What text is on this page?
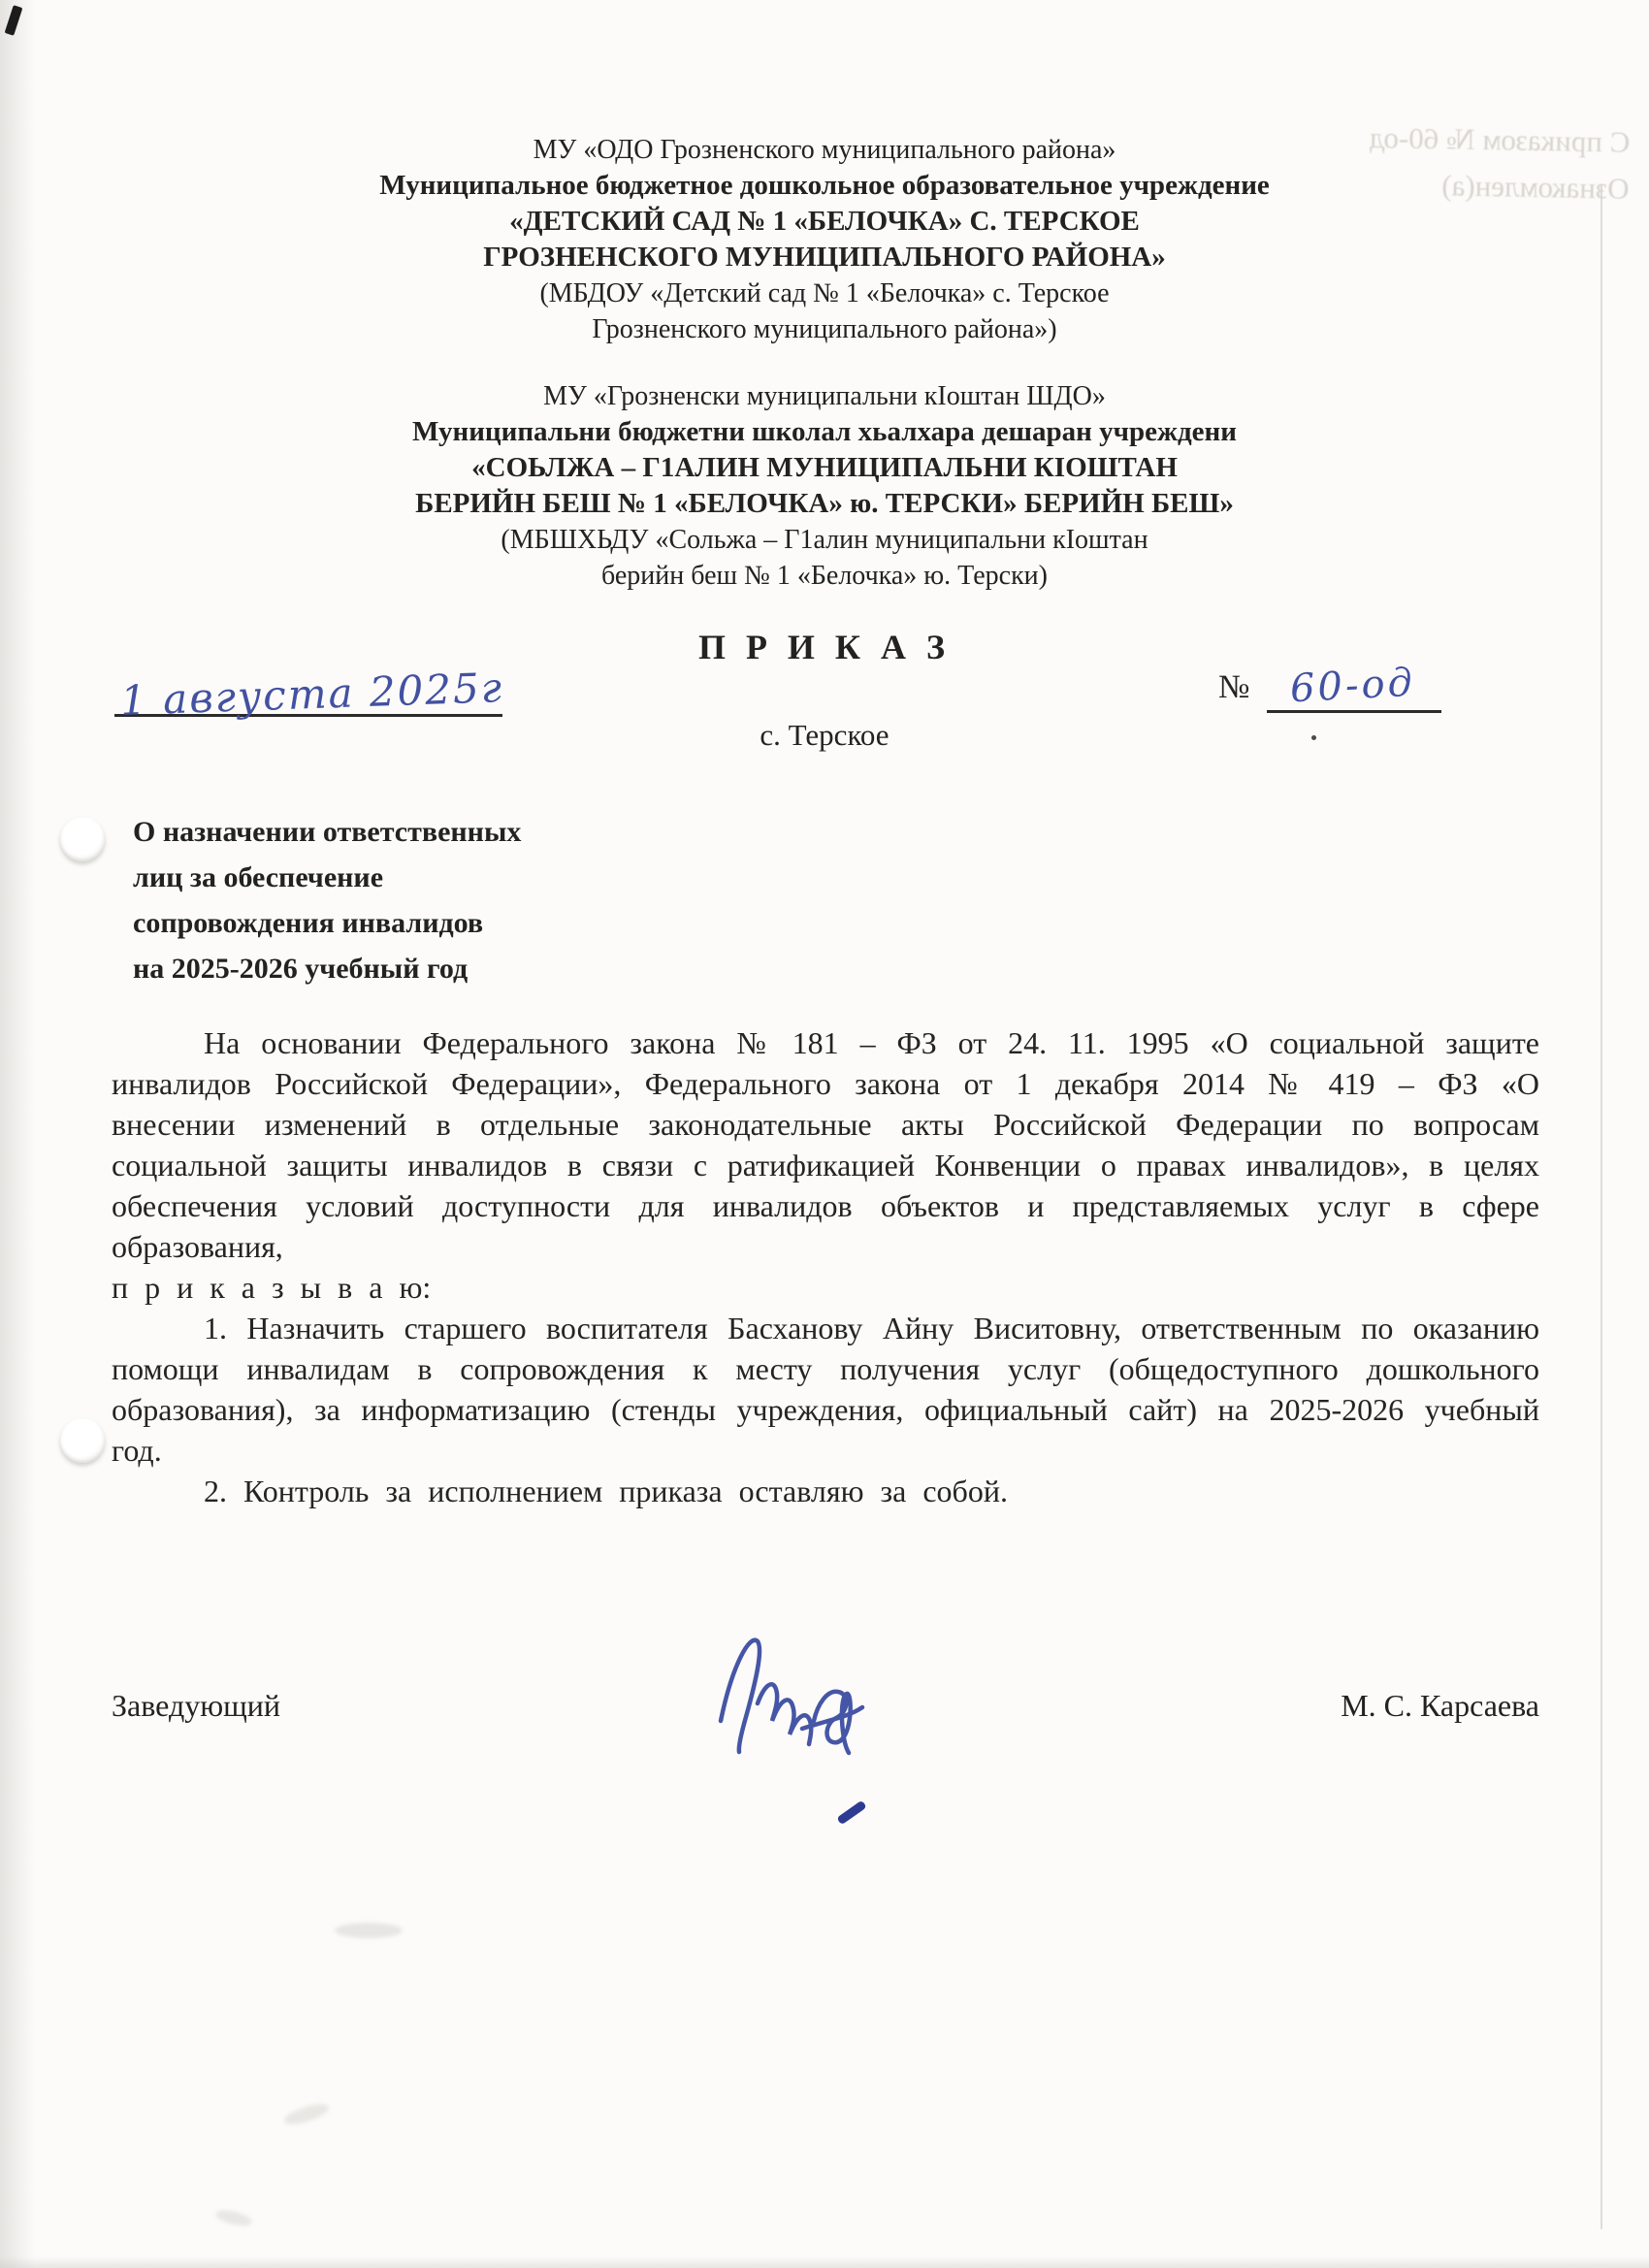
С приказом № 60-од
Ознакомлен(а)
МУ «ОДО Грозненского муниципального района»
Муниципальное бюджетное дошкольное образовательное учреждение
«ДЕТСКИЙ САД № 1 «БЕЛОЧКА» С. ТЕРСКОЕ
ГРОЗНЕНСКОГО МУНИЦИПАЛЬНОГО РАЙОНА»
(МБДОУ «Детский сад № 1 «Белочка» с. Терское
Грозненского муниципального района»)
МУ «Грозненски муниципальни кIоштан ШДО»
Муниципальни бюджетни школал хьалхара дешаран учреждени
«СОЬЛЖА – Г1АЛИН МУНИЦИПАЛЬНИ КIОШТАН
БЕРИЙН БЕШ № 1 «БЕЛОЧКА» ю. ТЕРСКИ» БЕРИЙН БЕШ»
(МБШХЬДУ «Сольжа – Г1алин муниципальни кIоштан
берийн беш № 1 «Белочка» ю. Терски)
П Р И К А З
1 августа 2025г	№ 60-од
с. Терское
О назначении ответственных
лиц за обеспечение
сопровождения инвалидов
на 2025-2026 учебный год

На основании Федерального закона № 181 – ФЗ от 24. 11. 1995 «О социальной защите инвалидов Российской Федерации», Федерального закона от 1 декабря 2014 № 419 – ФЗ «О внесении изменений в отдельные законодательные акты Российской Федерации по вопросам социальной защиты инвалидов в связи с ратификацией Конвенции о правах инвалидов», в целях обеспечения условий доступности для инвалидов объектов и представляемых услуг в сфере образования,

п р и к а з ы в а ю:

1. Назначить старшего воспитателя Басханову Айну Виситовну, ответственным по оказанию помощи инвалидам в сопровождения к месту получения услуг (общедоступного дошкольного образования), за информатизацию (стенды учреждения, официальный сайт) на 2025-2026 учебный год.

2. Контроль за исполнением приказа оставляю за собой.

Заведующий	М. С. Карсаева
